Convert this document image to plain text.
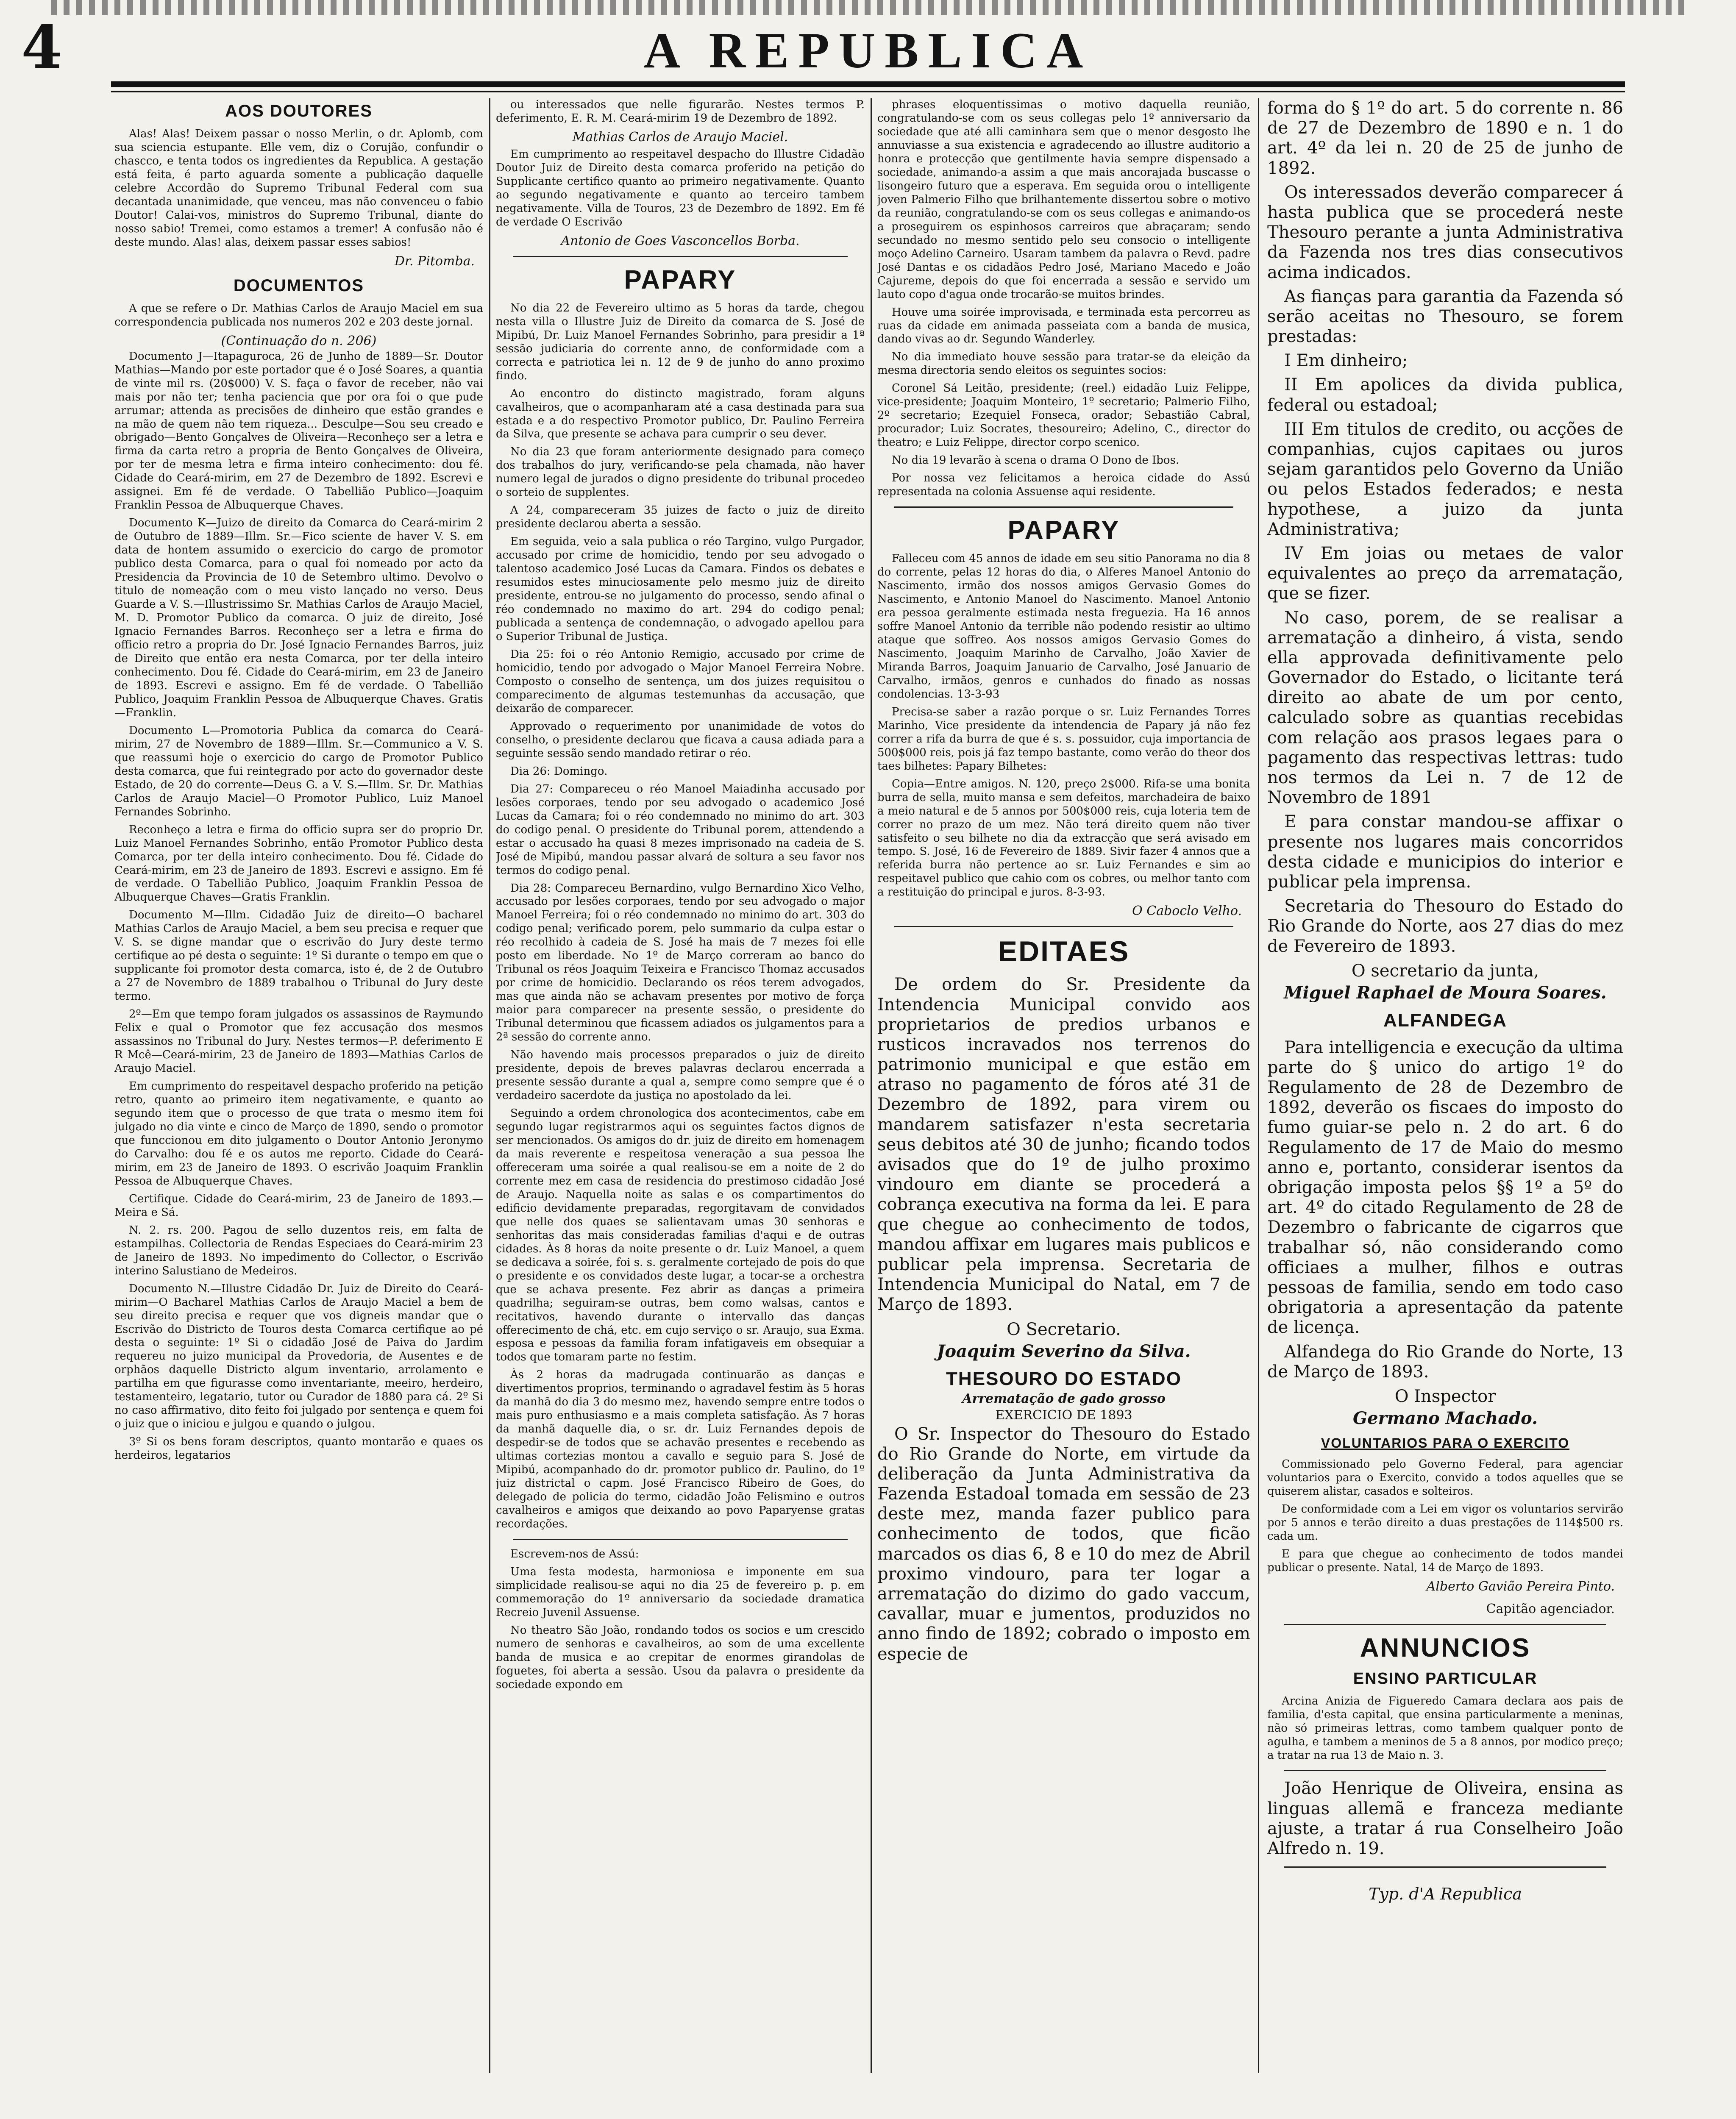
4	A REPUBLICA
AOS DOUTORES

Alas! Alas! Deixem passar o nosso Merlin, o dr. Aplomb, com sua sciencia estupante. Elle vem, diz o Corujão, confundir o chascco, e tenta todos os ingredientes da Republica. A gestação está feita, é parto aguarda somente a publicação daquelle celebre Accordão do Supremo Tribunal Federal com sua decantada unanimidade, que venceu, mas não convenceu o fabio Doutor! Calai-vos, ministros do Supremo Tribunal, diante do nosso sabio! Tremei, como estamos a tremer! A confusão não é deste mundo. Alas! alas, deixem passar esses sabios!

Dr. Pitomba.
DOCUMENTOS

A que se refere o Dr. Mathias Carlos de Araujo Maciel em sua correspondencia publicada nos numeros 202 e 203 deste jornal.

(Continuação do n. 206)

Documento J—Itapaguroca, 26 de Junho de 1889—Sr. Doutor Mathias—Mando por este portador que é o José Soares, a quantia de vinte mil rs. (20$000) V. S. faça o favor de receber, não vai mais por não ter; tenha paciencia que por ora foi o que pude arrumar; attenda as precisões de dinheiro que estão grandes e na mão de quem não tem riqueza... Desculpe—Sou seu creado e obrigado—Bento Gonçalves de Oliveira—Reconheço ser a letra e firma da carta retro a propria de Bento Gonçalves de Oliveira, por ter de mesma letra e firma inteiro conhecimento: dou fé. Cidade do Ceará-mirim, em 27 de Dezembro de 1892. Escrevi e assignei. Em fé de verdade. O Tabellião Publico—Joaquim Franklin Pessoa de Albuquerque Chaves.

Documento K—Juizo de direito da Comarca do Ceará-mirim 2 de Outubro de 1889—Illm. Sr.—Fico sciente de haver V. S. em data de hontem assumido o exercicio do cargo de promotor publico desta Comarca, para o qual foi nomeado por acto da Presidencia da Provincia de 10 de Setembro ultimo. Devolvo o titulo de nomeação com o meu visto lançado no verso. Deus Guarde a V. S.—Illustrissimo Sr. Mathias Carlos de Araujo Maciel, M. D. Promotor Publico da comarca. O juiz de direito, José Ignacio Fernandes Barros. Reconheço ser a letra e firma do officio retro a propria do Dr. José Ignacio Fernandes Barros, juiz de Direito que então era nesta Comarca, por ter della inteiro conhecimento. Dou fé. Cidade do Ceará-mirim, em 23 de Janeiro de 1893. Escrevi e assigno. Em fé de verdade. O Tabellião Publico, Joaquim Franklin Pessoa de Albuquerque Chaves. Gratis—Franklin.

Documento L—Promotoria Publica da comarca do Ceará-mirim, 27 de Novembro de 1889—Illm. Sr.—Communico a V. S. que reassumi hoje o exercicio do cargo de Promotor Publico desta comarca, que fui reintegrado por acto do governador deste Estado, de 20 do corrente—Deus G. a V. S.—Illm. Sr. Dr. Mathias Carlos de Araujo Maciel—O Promotor Publico, Luiz Manoel Fernandes Sobrinho.

Reconheço a letra e firma do officio supra ser do proprio Dr. Luiz Manoel Fernandes Sobrinho, então Promotor Publico desta Comarca, por ter della inteiro conhecimento. Dou fé. Cidade do Ceará-mirim, em 23 de Janeiro de 1893. Escrevi e assigno. Em fé de verdade. O Tabellião Publico, Joaquim Franklin Pessoa de Albuquerque Chaves—Gratis Franklin.

Documento M—Illm. Cidadão Juiz de direito—O bacharel Mathias Carlos de Araujo Maciel, a bem seu precisa e requer que V. S. se digne mandar que o escrivão do Jury deste termo certifique ao pé desta o seguinte: 1º Si durante o tempo em que o supplicante foi promotor desta comarca, isto é, de 2 de Outubro a 27 de Novembro de 1889 trabalhou o Tribunal do Jury deste termo.

2º—Em que tempo foram julgados os assassinos de Raymundo Felix e qual o Promotor que fez accusação dos mesmos assassinos no Tribunal do Jury. Nestes termos—P. deferimento E R Mcê—Ceará-mirim, 23 de Janeiro de 1893—Mathias Carlos de Araujo Maciel.

Em cumprimento do respeitavel despacho proferido na petição retro, quanto ao primeiro item negativamente, e quanto ao segundo item que o processo de que trata o mesmo item foi julgado no dia vinte e cinco de Março de 1890, sendo o promotor que funccionou em dito julgamento o Doutor Antonio Jeronymo do Carvalho: dou fé e os autos me reporto. Cidade do Ceará-mirim, em 23 de Janeiro de 1893. O escrivão Joaquim Franklin Pessoa de Albuquerque Chaves.

Certifique. Cidade do Ceará-mirim, 23 de Janeiro de 1893.—Meira e Sá.

N. 2. rs. 200. Pagou de sello duzentos reis, em falta de estampilhas. Collectoria de Rendas Especiaes do Ceará-mirim 23 de Janeiro de 1893. No impedimento do Collector, o Escrivão interino Salustiano de Medeiros.

Documento N.—Illustre Cidadão Dr. Juiz de Direito do Ceará-mirim—O Bacharel Mathias Carlos de Araujo Maciel a bem de seu direito precisa e requer que vos digneis mandar que o Escrivão do Districto de Touros desta Comarca certifique ao pé desta o seguinte: 1º Si o cidadão José de Paiva do Jardim requereu no juizo municipal da Provedoria, de Ausentes e de orphãos daquelle Districto algum inventario, arrolamento e partilha em que figurasse como inventariante, meeiro, herdeiro, testamenteiro, legatario, tutor ou Curador de 1880 para cá. 2º Si no caso affirmativo, dito feito foi julgado por sentença e quem foi o juiz que o iniciou e julgou e quando o julgou.

3º Si os bens foram descriptos, quanto montarão e quaes os herdeiros, legatarios

ou interessados que nelle figurarão. Nestes termos P. deferimento, E. R. M. Ceará-mirim 19 de Dezembro de 1892.

Mathias Carlos de Araujo Maciel.

Em cumprimento ao respeitavel despacho do Illustre Cidadão Doutor Juiz de Direito desta comarca proferido na petição do Supplicante certifico quanto ao primeiro negativamente. Quanto ao segundo negativamente e quanto ao terceiro tambem negativamente. Villa de Touros, 23 de Dezembro de 1892. Em fé de verdade O Escrivão

Antonio de Goes Vasconcellos Borba.
PAPARY

No dia 22 de Fevereiro ultimo as 5 horas da tarde, chegou nesta villa o Illustre Juiz de Direito da comarca de S. José de Mipibú, Dr. Luiz Manoel Fernandes Sobrinho, para presidir a 1ª sessão judiciaria do corrente anno, de conformidade com a correcta e patriotica lei n. 12 de 9 de junho do anno proximo findo.

Ao encontro do distincto magistrado, foram alguns cavalheiros, que o acompanharam até a casa destinada para sua estada e a do respectivo Promotor publico, Dr. Paulino Ferreira da Silva, que presente se achava para cumprir o seu dever.

No dia 23 que foram anteriormente designado para começo dos trabalhos do jury, verificando-se pela chamada, não haver numero legal de jurados o digno presidente do tribunal procedeo o sorteio de supplentes.

A 24, compareceram 35 juizes de facto o juiz de direito presidente declarou aberta a sessão.

Em seguida, veio a sala publica o réo Targino, vulgo Purgador, accusado por crime de homicidio, tendo por seu advogado o talentoso academico José Lucas da Camara. Findos os debates e resumidos estes minuciosamente pelo mesmo juiz de direito presidente, entrou-se no julgamento do processo, sendo afinal o réo condemnado no maximo do art. 294 do codigo penal; publicada a sentença de condemnação, o advogado apellou para o Superior Tribunal de Justiça.

Dia 25: foi o réo Antonio Remigio, accusado por crime de homicidio, tendo por advogado o Major Manoel Ferreira Nobre. Composto o conselho de sentença, um dos juizes requisitou o comparecimento de algumas testemunhas da accusação, que deixarão de comparecer.

Approvado o requerimento por unanimidade de votos do conselho, o presidente declarou que ficava a causa adiada para a seguinte sessão sendo mandado retirar o réo.

Dia 26: Domingo.

Dia 27: Compareceu o réo Manoel Maiadinha accusado por lesões corporaes, tendo por seu advogado o academico José Lucas da Camara; foi o réo condemnado no minimo do art. 303 do codigo penal. O presidente do Tribunal porem, attendendo a estar o accusado ha quasi 8 mezes imprisonado na cadeia de S. José de Mipibú, mandou passar alvará de soltura a seu favor nos termos do codigo penal.

Dia 28: Compareceu Bernardino, vulgo Bernardino Xico Velho, accusado por lesões corporaes, tendo por seu advogado o major Manoel Ferreira; foi o réo condemnado no minimo do art. 303 do codigo penal; verificado porem, pelo summario da culpa estar o réo recolhido à cadeia de S. José ha mais de 7 mezes foi elle posto em liberdade. No 1º de Março correram ao banco do Tribunal os réos Joaquim Teixeira e Francisco Thomaz accusados por crime de homicidio. Declarando os réos terem advogados, mas que ainda não se achavam presentes por motivo de força maior para comparecer na presente sessão, o presidente do Tribunal determinou que ficassem adiados os julgamentos para a 2ª sessão do corrente anno.

Não havendo mais processos preparados o juiz de direito presidente, depois de breves palavras declarou encerrada a presente sessão durante a qual a, sempre como sempre que é o verdadeiro sacerdote da justiça no apostolado da lei.

Seguindo a ordem chronologica dos acontecimentos, cabe em segundo lugar registrarmos aqui os seguintes factos dignos de ser mencionados. Os amigos do dr. juiz de direito em homenagem da mais reverente e respeitosa veneração a sua pessoa lhe offereceram uma soirée a qual realisou-se em a noite de 2 do corrente mez em casa de residencia do prestimoso cidadão José de Araujo. Naquella noite as salas e os compartimentos do edificio devidamente preparadas, regorgitavam de convidados que nelle dos quaes se salientavam umas 30 senhoras e senhoritas das mais consideradas familias d'aqui e de outras cidades. Às 8 horas da noite presente o dr. Luiz Manoel, a quem se dedicava a soirée, foi s. s. geralmente cortejado de pois do que o presidente e os convidados deste lugar, a tocar-se a orchestra que se achava presente. Fez abrir as danças a primeira quadrilha; seguiram-se outras, bem como walsas, cantos e recitativos, havendo durante o intervallo das danças offerecimento de chá, etc. em cujo serviço o sr. Araujo, sua Exma. esposa e pessoas da familia foram infatigaveis em obsequiar a todos que tomaram parte no festim.

Às 2 horas da madrugada continuarão as danças e divertimentos proprios, terminando o agradavel festim às 5 horas da manhã do dia 3 do mesmo mez, havendo sempre entre todos o mais puro enthusiasmo e a mais completa satisfação. Às 7 horas da manhã daquelle dia, o sr. dr. Luiz Fernandes depois de despedir-se de todos que se achavão presentes e recebendo as ultimas cortezias montou a cavallo e seguio para S. José de Mipibú, acompanhado do dr. promotor publico dr. Paulino, do 1º juiz districtal o capm. José Francisco Ribeiro de Goes, do delegado de policia do termo, cidadão João Felismino e outros cavalheiros e amigos que deixando ao povo Paparyense gratas recordações.

Escrevem-nos de Assú:

Uma festa modesta, harmoniosa e imponente em sua simplicidade realisou-se aqui no dia 25 de fevereiro p. p. em commemoração do 1º anniversario da sociedade dramatica Recreio Juvenil Assuense.

No theatro São João, rondando todos os socios e um crescido numero de senhoras e cavalheiros, ao som de uma excellente banda de musica e ao crepitar de enormes girandolas de foguetes, foi aberta a sessão. Usou da palavra o presidente da sociedade expondo em

phrases eloquentissimas o motivo daquella reunião, congratulando-se com os seus collegas pelo 1º anniversario da sociedade que até alli caminhara sem que o menor desgosto lhe annuviasse a sua existencia e agradecendo ao illustre auditorio a honra e protecção que gentilmente havia sempre dispensado a sociedade, animando-a assim a que mais ancorajada buscasse o lisongeiro futuro que a esperava. Em seguida orou o intelligente joven Palmerio Filho que brilhantemente dissertou sobre o motivo da reunião, congratulando-se com os seus collegas e animando-os a proseguirem os espinhosos carreiros que abraçaram; sendo secundado no mesmo sentido pelo seu consocio o intelligente moço Adelino Carneiro. Usaram tambem da palavra o Revd. padre José Dantas e os cidadãos Pedro José, Mariano Macedo e João Cajureme, depois do que foi encerrada a sessão e servido um lauto copo d'agua onde trocarão-se muitos brindes.

Houve uma soirée improvisada, e terminada esta percorreu as ruas da cidade em animada passeiata com a banda de musica, dando vivas ao dr. Segundo Wanderley.

No dia immediato houve sessão para tratar-se da eleição da mesma directoria sendo eleitos os seguintes socios:

Coronel Sá Leitão, presidente; (reel.) eidadão Luiz Felippe, vice-presidente; Joaquim Monteiro, 1º secretario; Palmerio Filho, 2º secretario; Ezequiel Fonseca, orador; Sebastião Cabral, procurador; Luiz Socrates, thesoureiro; Adelino, C., director do theatro; e Luiz Felippe, director corpo scenico.

No dia 19 levarão à scena o drama O Dono de Ibos.

Por nossa vez felicitamos a heroica cidade do Assú representada na colonia Assuense aqui residente.

PAPARY

Falleceu com 45 annos de idade em seu sitio Panorama no dia 8 do corrente, pelas 12 horas do dia, o Alferes Manoel Antonio do Nascimento, irmão dos nossos amigos Gervasio Gomes do Nascimento, e Antonio Manoel do Nascimento. Manoel Antonio era pessoa geralmente estimada nesta freguezia. Ha 16 annos soffre Manoel Antonio da terrible não podendo resistir ao ultimo ataque que soffreo. Aos nossos amigos Gervasio Gomes do Nascimento, Joaquim Marinho de Carvalho, João Xavier de Miranda Barros, Joaquim Januario de Carvalho, José Januario de Carvalho, irmãos, genros e cunhados do finado as nossas condolencias. 13-3-93

Precisa-se saber a razão porque o sr. Luiz Fernandes Torres Marinho, Vice presidente da intendencia de Papary já não fez correr a rifa da burra de que é s. s. possuidor, cuja importancia de 500$000 reis, pois já faz tempo bastante, como verão do theor dos taes bilhetes: Papary Bilhetes:

Copia—Entre amigos. N. 120, preço 2$000. Rifa-se uma bonita burra de sella, muito mansa e sem defeitos, marchadeira de baixo a meio natural e de 5 annos por 500$000 reis, cuja loteria tem de correr no prazo de um mez. Não terá direito quem não tiver satisfeito o seu bilhete no dia da extracção que será avisado em tempo. S. José, 16 de Fevereiro de 1889. Sivir fazer 4 annos que a referida burra não pertence ao sr. Luiz Fernandes e sim ao respeitavel publico que cahio com os cobres, ou melhor tanto com a restituição do principal e juros. 8-3-93.

O Caboclo Velho.
EDITAES

De ordem do Sr. Presidente da Intendencia Municipal convido aos proprietarios de predios urbanos e rusticos incravados nos terrenos do patrimonio municipal e que estão em atraso no pagamento de fóros até 31 de Dezembro de 1892, para virem ou mandarem satisfazer n'esta secretaria seus debitos até 30 de junho; ficando todos avisados que do 1º de julho proximo vindouro em diante se procederá a cobrança executiva na forma da lei. E para que chegue ao conhecimento de todos, mandou affixar em lugares mais publicos e publicar pela imprensa. Secretaria de Intendencia Municipal do Natal, em 7 de Março de 1893.

O Secretario.
Joaquim Severino da Silva.
THESOURO DO ESTADO
Arrematação de gado grosso
EXERCICIO DE 1893

O Sr. Inspector do Thesouro do Estado do Rio Grande do Norte, em virtude da deliberação da Junta Administrativa da Fazenda Estadoal tomada em sessão de 23 deste mez, manda fazer publico para conhecimento de todos, que ficão marcados os dias 6, 8 e 10 do mez de Abril proximo vindouro, para ter logar a arrematação do dizimo do gado vaccum, cavallar, muar e jumentos, produzidos no anno findo de 1892; cobrado o imposto em especie de

forma do § 1º do art. 5 do corrente n. 86 de 27 de Dezembro de 1890 e n. 1 do art. 4º da lei n. 20 de 25 de junho de 1892.

Os interessados deverão comparecer á hasta publica que se procederá neste Thesouro perante a junta Administrativa da Fazenda nos tres dias consecutivos acima indicados.

As fianças para garantia da Fazenda só serão aceitas no Thesouro, se forem prestadas:

I Em dinheiro;

II Em apolices da divida publica, federal ou estadoal;

III Em titulos de credito, ou acções de companhias, cujos capitaes ou juros sejam garantidos pelo Governo da União ou pelos Estados federados; e nesta hypothese, a juizo da junta Administrativa;

IV Em joias ou metaes de valor equivalentes ao preço da arrematação, que se fizer.

No caso, porem, de se realisar a arrematação a dinheiro, á vista, sendo ella approvada definitivamente pelo Governador do Estado, o licitante terá direito ao abate de um por cento, calculado sobre as quantias recebidas com relação aos prasos legaes para o pagamento das respectivas lettras: tudo nos termos da Lei n. 7 de 12 de Novembro de 1891

E para constar mandou-se affixar o presente nos lugares mais concorridos desta cidade e municipios do interior e publicar pela imprensa.

Secretaria do Thesouro do Estado do Rio Grande do Norte, aos 27 dias do mez de Fevereiro de 1893.

O secretario da junta,
Miguel Raphael de Moura Soares.
ALFANDEGA

Para intelligencia e execução da ultima parte do § unico do artigo 1º do Regulamento de 28 de Dezembro de 1892, deverão os fiscaes do imposto do fumo guiar-se pelo n. 2 do art. 6 do Regulamento de 17 de Maio do mesmo anno e, portanto, considerar isentos da obrigação imposta pelos §§ 1º a 5º do art. 4º do citado Regulamento de 28 de Dezembro o fabricante de cigarros que trabalhar só, não considerando como officiaes a mulher, filhos e outras pessoas de familia, sendo em todo caso obrigatoria a apresentação da patente de licença.

Alfandega do Rio Grande do Norte, 13 de Março de 1893.

O Inspector
Germano Machado.
VOLUNTARIOS PARA O EXERCITO

Commissionado pelo Governo Federal, para agenciar voluntarios para o Exercito, convido a todos aquelles que se quiserem alistar, casados e solteiros.

De conformidade com a Lei em vigor os voluntarios servirão por 5 annos e terão direito a duas prestações de 114$500 rs. cada um.

E para que chegue ao conhecimento de todos mandei publicar o presente. Natal, 14 de Março de 1893.

Alberto Gavião Pereira Pinto.
Capitão agenciador.
ANNUNCIOS
ENSINO PARTICULAR

Arcina Anizia de Figueredo Camara declara aos pais de familia, d'esta capital, que ensina particularmente a meninas, não só primeiras lettras, como tambem qualquer ponto de agulha, e tambem a meninos de 5 a 8 annos, por modico preço; a tratar na rua 13 de Maio n. 3.

João Henrique de Oliveira, ensina as linguas allemã e franceza mediante ajuste, a tratar á rua Conselheiro João Alfredo n. 19.

Typ. d'A Republica
